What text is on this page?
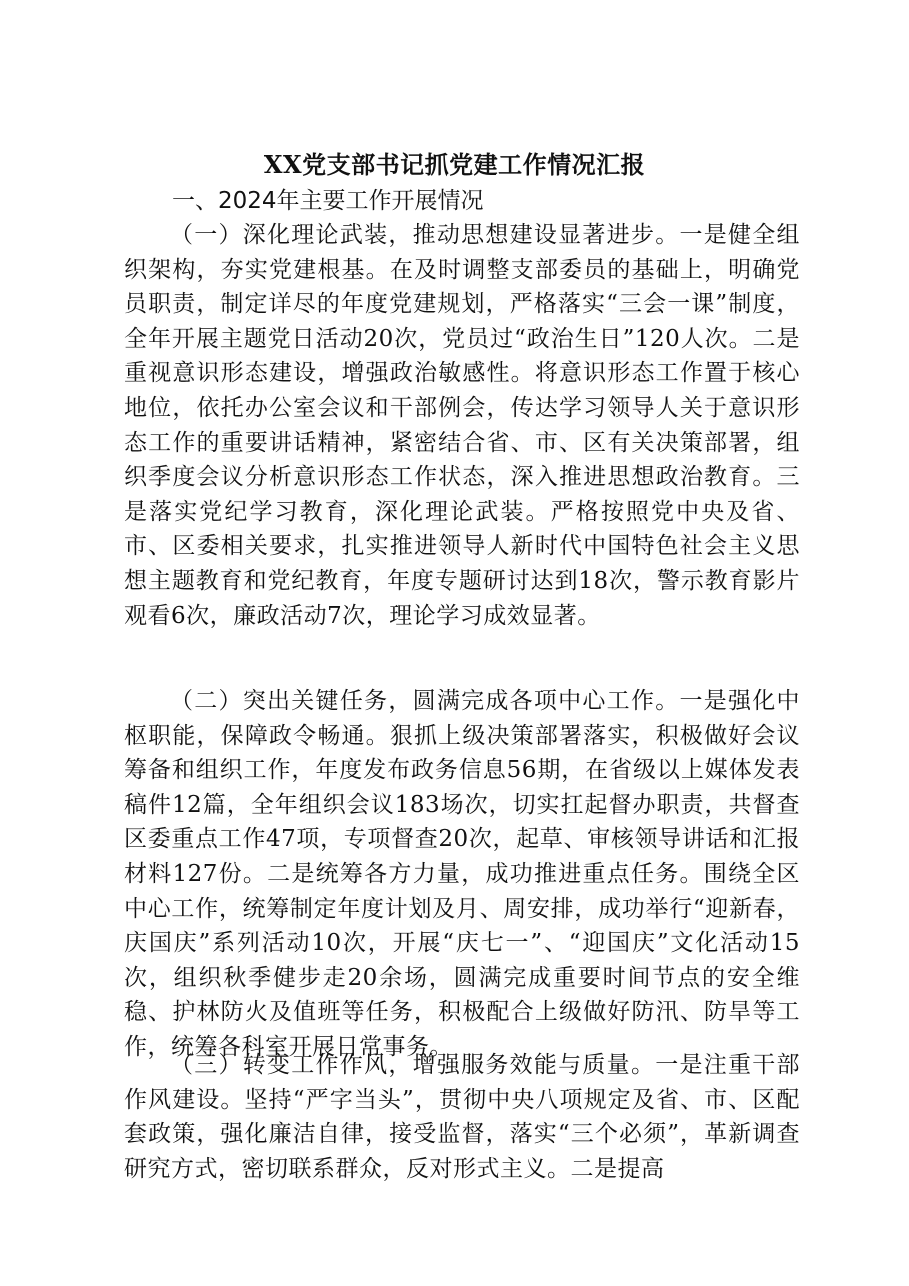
XX党支部书记抓党建工作情况汇报
一、2024年主要工作开展情况

（一）深化理论武装，推动思想建设显著进步。一是健全组织架构，夯实党建根基。在及时调整支部委员的基础上，明确党员职责，制定详尽的年度党建规划，严格落实“三会一课”制度，全年开展主题党日活动20次，党员过“政治生日”120人次。二是重视意识形态建设，增强政治敏感性。将意识形态工作置于核心地位，依托办公室会议和干部例会，传达学习领导人关于意识形态工作的重要讲话精神，紧密结合省、市、区有关决策部署，组织季度会议分析意识形态工作状态，深入推进思想政治教育。三是落实党纪学习教育，深化理论武装。严格按照党中央及省、市、区委相关要求，扎实推进领导人新时代中国特色社会主义思想主题教育和党纪教育，年度专题研讨达到18次，警示教育影片观看6次，廉政活动7次，理论学习成效显著。

（二）突出关键任务，圆满完成各项中心工作。一是强化中枢职能，保障政令畅通。狠抓上级决策部署落实，积极做好会议筹备和组织工作，年度发布政务信息56期，在省级以上媒体发表稿件12篇，全年组织会议183场次，切实扛起督办职责，共督查区委重点工作47项，专项督查20次，起草、审核领导讲话和汇报材料127份。二是统筹各方力量，成功推进重点任务。围绕全区中心工作，统筹制定年度计划及月、周安排，成功举行“迎新春，庆国庆”系列活动10次，开展“庆七一”、“迎国庆”文化活动15次，组织秋季健步走20余场，圆满完成重要时间节点的安全维稳、护林防火及值班等任务，积极配合上级做好防汛、防旱等工作，统筹各科室开展日常事务。

（三）转变工作作风，增强服务效能与质量。一是注重干部作风建设。坚持“严字当头”，贯彻中央八项规定及省、市、区配套政策，强化廉洁自律，接受监督，落实“三个必须”，革新调查研究方式，密切联系群众，反对形式主义。二是提高
